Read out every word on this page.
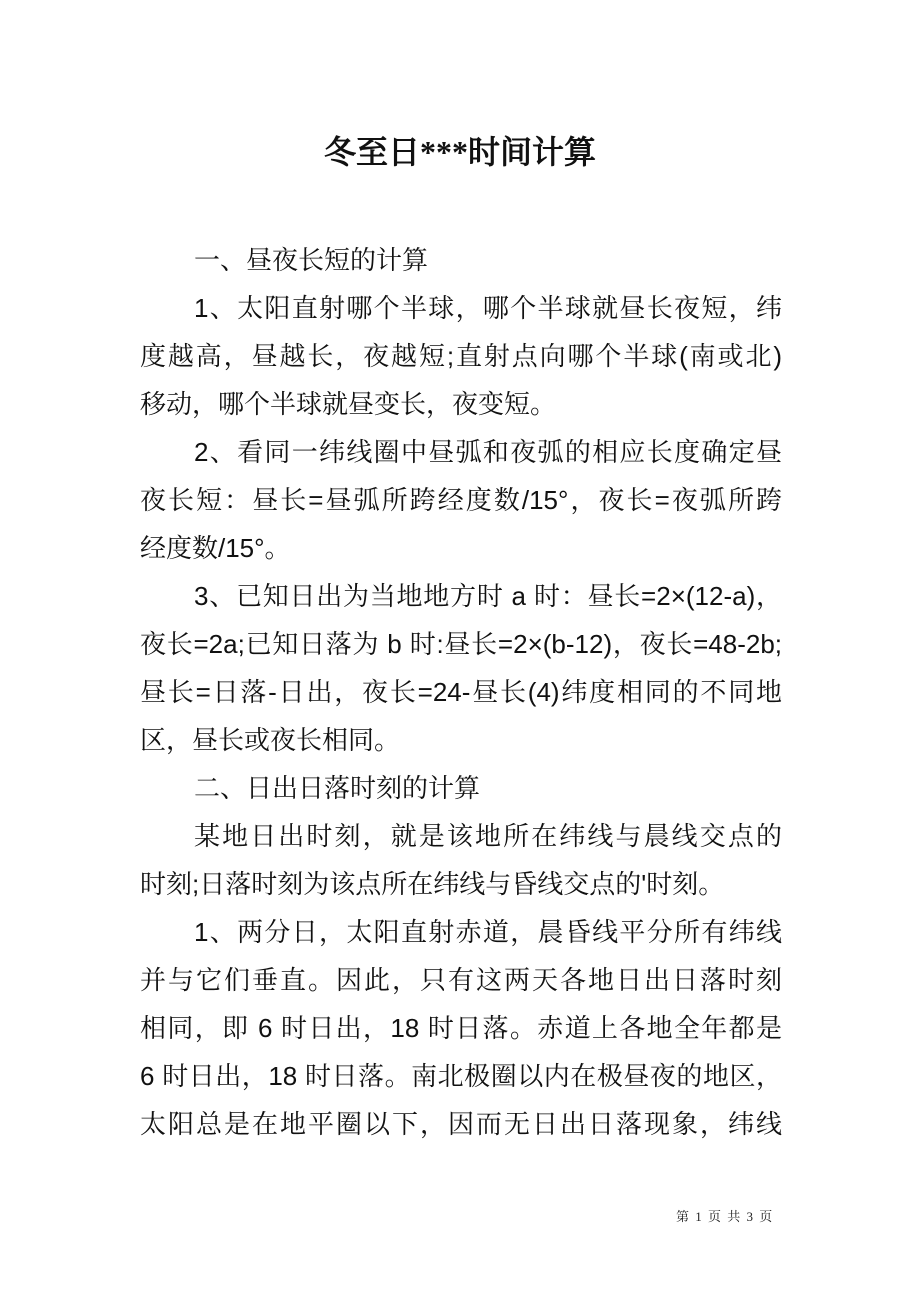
冬至日***时间计算
一、昼夜长短的计算
1、太阳直射哪个半球，哪个半球就昼长夜短，纬
度越高，昼越长，夜越短;直射点向哪个半球(南或北)
移动，哪个半球就昼变长，夜变短。
2、看同一纬线圈中昼弧和夜弧的相应长度确定昼
夜长短：昼长=昼弧所跨经度数/15°，夜长=夜弧所跨
经度数/15°。
3、已知日出为当地地方时 a 时：昼长=2×(12-a)，
夜长=2a;已知日落为 b 时:昼长=2×(b-12)，夜长=48-2b;
昼长=日落-日出，夜长=24-昼长(4)纬度相同的不同地
区，昼长或夜长相同。
二、日出日落时刻的计算
某地日出时刻，就是该地所在纬线与晨线交点的
时刻;日落时刻为该点所在纬线与昏线交点的'时刻。
1、两分日，太阳直射赤道，晨昏线平分所有纬线
并与它们垂直。因此，只有这两天各地日出日落时刻
相同，即 6 时日出，18 时日落。赤道上各地全年都是
6 时日出，18 时日落。南北极圈以内在极昼夜的地区，
太阳总是在地平圈以下，因而无日出日落现象，纬线
第 1 页 共 3 页
